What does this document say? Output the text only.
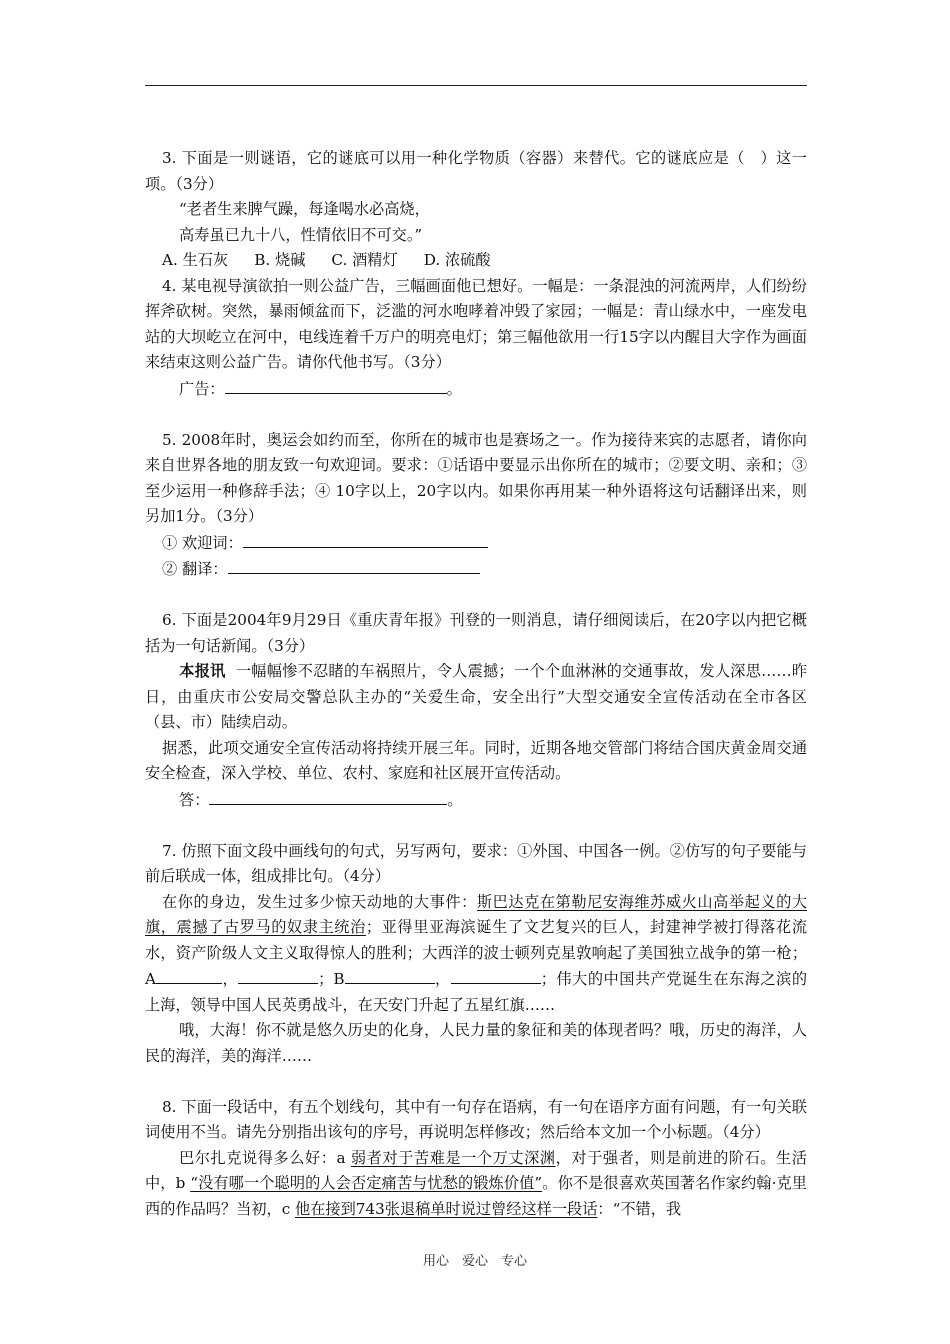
3. 下面是一则谜语，它的谜底可以用一种化学物质（容器）来替代。它的谜底应是（　）这一项。（3分）

“老者生来脾气躁，每逢喝水必高烧，

高寿虽已九十八，性情依旧不可交。”

A. 生石灰 B. 烧碱 C. 酒精灯 D. 浓硫酸

4. 某电视导演欲拍一则公益广告，三幅画面他已想好。一幅是：一条混浊的河流两岸，人们纷纷挥斧砍树。突然，暴雨倾盆而下，泛滥的河水咆哮着冲毁了家园；一幅是：青山绿水中，一座发电站的大坝屹立在河中，电线连着千万户的明亮电灯；第三幅他欲用一行15字以内醒目大字作为画面来结束这则公益广告。请你代他书写。（3分）

广告：	。

5. 2008年时，奥运会如约而至，你所在的城市也是赛场之一。作为接待来宾的志愿者，请你向来自世界各地的朋友致一句欢迎词。要求：①话语中要显示出你所在的城市；②要文明、亲和；③至少运用一种修辞手法；④ 10字以上，20字以内。如果你再用某一种外语将这句话翻译出来，则另加1分。（3分）

① 欢迎词：

② 翻译：

6. 下面是2004年9月29日《重庆青年报》刊登的一则消息，请仔细阅读后，在20字以内把它概括为一句话新闻。（3分）

本报讯 一幅幅惨不忍睹的车祸照片，令人震撼；一个个血淋淋的交通事故，发人深思……昨日，由重庆市公安局交警总队主办的“关爱生命，安全出行”大型交通安全宣传活动在全市各区（县、市）陆续启动。

据悉，此项交通安全宣传活动将持续开展三年。同时，近期各地交管部门将结合国庆黄金周交通安全检查，深入学校、单位、农村、家庭和社区展开宣传活动。

答：	。

7. 仿照下面文段中画线句的句式，另写两句，要求：①外国、中国各一例。②仿写的句子要能与前后联成一体，组成排比句。（4分）

在你的身边，发生过多少惊天动地的大事件：斯巴达克在第勒尼安海维苏威火山高举起义的大旗，震撼了古罗马的奴隶主统治；亚得里亚海滨诞生了文艺复兴的巨人，封建神学被打得落花流水，资产阶级人文主义取得惊人的胜利；大西洋的波士顿列克星敦响起了美国独立战争的第一枪；A	，	；B	，	；伟大的中国共产党诞生在东海之滨的上海，领导中国人民英勇战斗，在天安门升起了五星红旗……

哦，大海！你不就是悠久历史的化身，人民力量的象征和美的体现者吗？哦，历史的海洋，人民的海洋，美的海洋……

8. 下面一段话中，有五个划线句，其中有一句存在语病，有一句在语序方面有问题，有一句关联词使用不当。请先分别指出该句的序号，再说明怎样修改；然后给本文加一个小标题。（4分）

巴尔扎克说得多么好：a 弱者对于苦难是一个万丈深渊，对于强者，则是前进的阶石。生活中，b “没有哪一个聪明的人会否定痛苦与忧愁的锻炼价值”。你不是很喜欢英国著名作家约翰·克里西的作品吗？当初，c 他在接到743张退稿单时说过曾经这样一段话：“不错，我

用心　爱心　专心
